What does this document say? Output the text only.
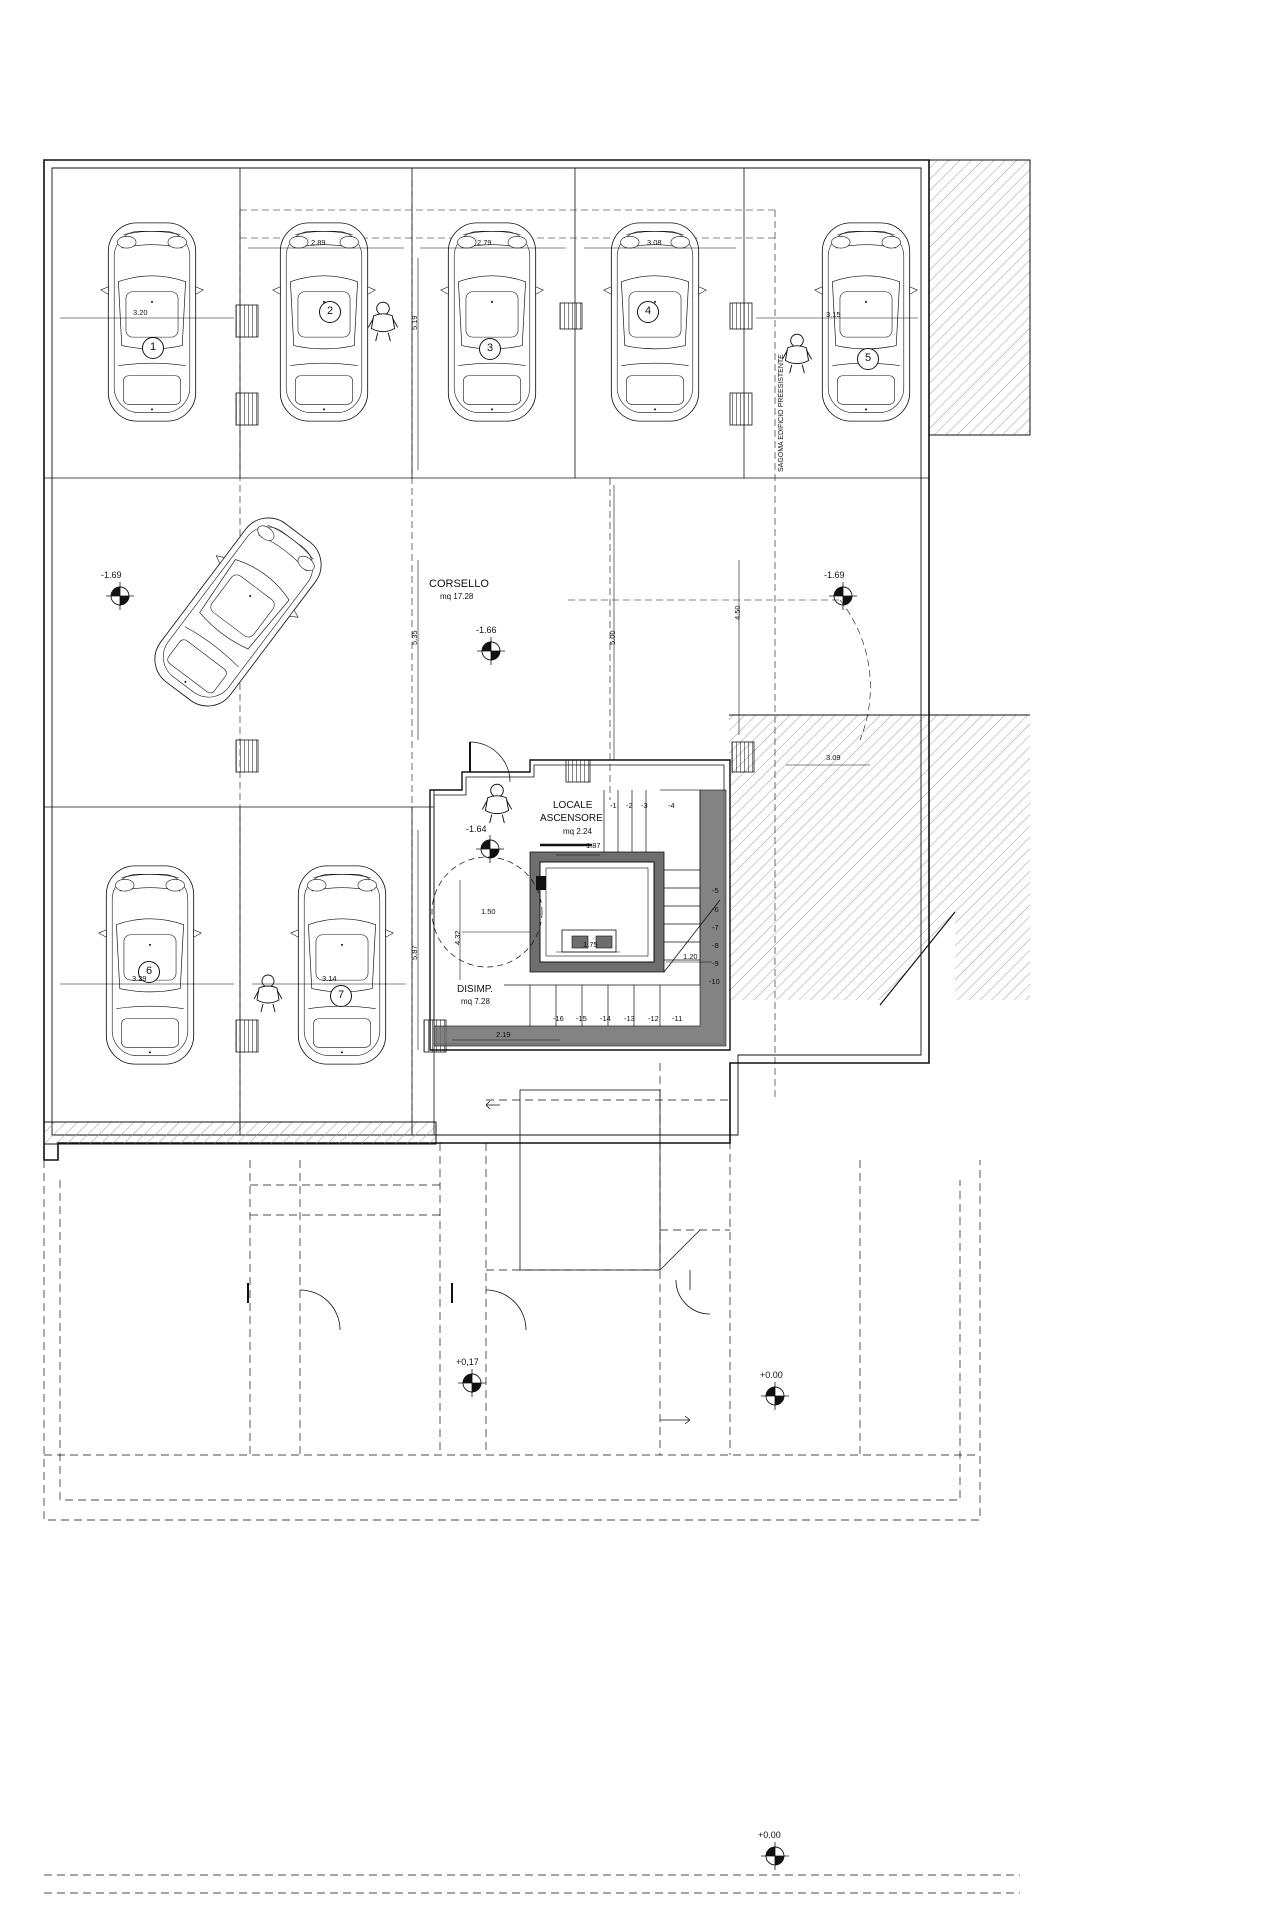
1
2
3
4
5
6
7
CORSELLO
mq 17.28
LOCALE
ASCENSORE
mq 2.24
DISIMP.
mq 7.28
SAGOMA EDIFICIO PREESISTENTE
-1.69	-1.69
-1.66
-1.64
+0,17
+0.00
+0.00
2.89	2.79	3.08
3.20	3.15
5.19
5.35	5.00
4.50
3.09
5.87
3.29	3.14
4.32
1.50
1.87
1.75
1.20
2.19
-1 -2 -3	-4
-5
-6
-7
-8
-9
-10
-16 -15 -14 -13 -12 -11
